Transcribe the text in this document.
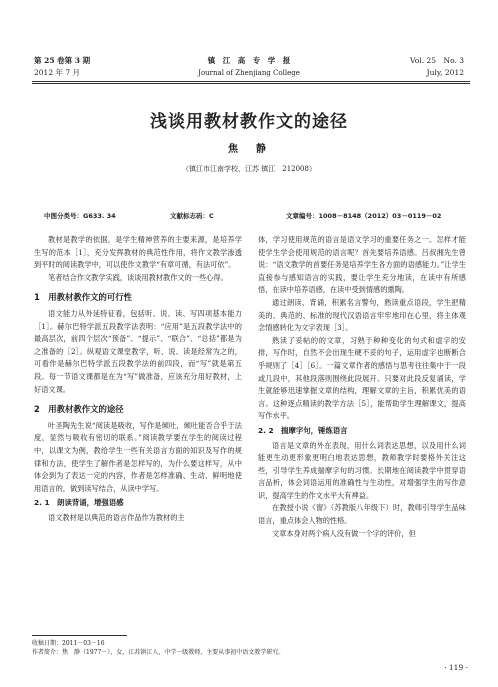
第 25 卷第 3 期
2012 年 7 月
镇　江　高　专　学　报
Journal of Zhenjiang College
Vol. 25　No. 3
July, 2012
浅谈用教材教作文的途径
焦　静
（镇江市江南学校，江苏 镇江　212008）
中图分类号：G633. 34	文献标志码：C	文章编号：1008－8148（2012）03－0119－02

教材是教学的依据，是学生精神营养的主要来源，是培养学生写的范本［1］，充分发挥教材的典范性作用，将作文教学渗透到平时的阅读教学中，可以使作文教学“有章可循，有法可依”。

笔者结合作文教学实践，谈谈用教材教作文的一些心得。

1　用教材教作文的可行性

语文能力从外延特征看，包括听、说、读、写四项基本能力［1］。赫尔巴特学派五段教学法表明：“应用”是五段教学法中的最高层次，前四个层次“预备”、“提示”、“联合”、“总括”都是为之准备的［2］。纵观语文课堂教学，听、说、读是经常为之的，可看作是赫尔巴特学派五段教学法的前四段，而“写”就是第五段。每一节语文课都是在为“写”做准备，应该充分用好教材，上好语文课。

2　用教材教作文的途径

叶圣陶先生说“阅读是吸收，写作是倾吐，倾吐能否合乎于法度，显然与吸收有密切的联系。”阅读教学要在学生的阅读过程中，以课文为例，教给学生一些有关语言方面的知识及写作的规律和方法，使学生了解作者是怎样写的，为什么要这样写，从中体会到为了表达一定的内容，作者是怎样准确、生动、鲜明地使用语言的，做到读写结合，从读中学写。

2. 1　朗读背诵，增强语感

语文教材是以典范的语言作品作为教材的主

体，学习使用规范的语言是语文学习的重要任务之一。怎样才能使学生学会使用规范的语言呢？首先要培养语感。吕叔湘先生曾说：“语文教学的首要任务是培养学生各方面的语感能力。”让学生直接参与感知语言的实践，要让学生充分地读，在读中有所感悟，在读中培养语感，在读中受到情感的熏陶。

通过朗读、背诵，积累名言警句，熟读重点语段，学生把精美的、典范的、标准的现代汉语语言牢牢地印在心里，将主体观念情感转化为文字表现［3］。

熟读了妥帖的的文章，习熟于种种变化的句式和虚字的安排，写作时，自然不会出现生硬不妥的句子，运用虚字也断断合乎规则了［4］［6］。一篇文章作者的感悟与思考往往集中于一段或几段中，其他段落则围绕此段展开。只要对此段反复诵读，学生就能够迅速掌握文章的结构，理解文章的主旨，积累优美的语言。这种逐点精读的教学方法［5］，能帮助学生理解课文，提高写作水平。

2. 2　揣摩字句，锤炼语言

语言是文章的外在表现，用什么词表达思想，以及用什么词能更生动更形象更明白地表达思想，教师教学时要格外关注这些，引导学生养成揣摩字句的习惯。长期地在阅读教学中贯穿语言品析，体会词语运用的准确性与生动性，对增强学生的写作意识，提高学生的作文水平大有裨益。

在教授小说《窗》（苏教版八年级下）时，教师引导学生品味语言，重点体会人物的性格。

文章本身对两个病人没有做一个字的评价，但

收稿日期：2011－03－16
作者简介：焦　静（1977－），女，江苏镇江人，中学一级教师，主要从事初中语文教学研究。
· 119 ·
